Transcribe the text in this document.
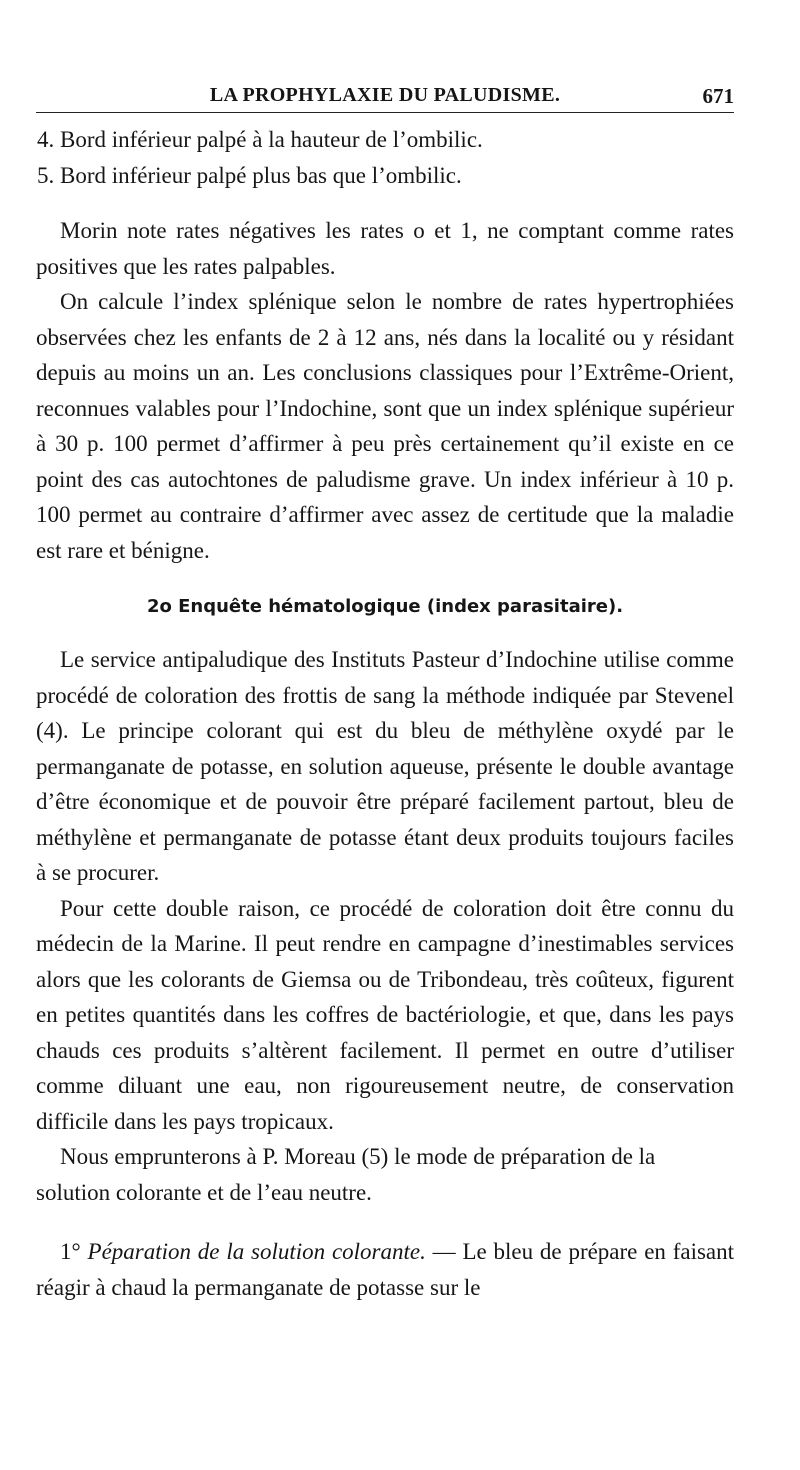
LA PROPHYLAXIE DU PALUDISME.	671

4. Bord inférieur palpé à la hauteur de l’ombilic.

5. Bord inférieur palpé plus bas que l’ombilic.

Morin note rates négatives les rates o et 1, ne comptant comme rates positives que les rates palpables.

On calcule l’index splénique selon le nombre de rates hypertrophiées observées chez les enfants de 2 à 12 ans, nés dans la localité ou y résidant depuis au moins un an. Les conclusions classiques pour l’Extrême-Orient, reconnues valables pour l’Indochine, sont que un index splénique supérieur à 30 p. 100 permet d’affirmer à peu près certainement qu’il existe en ce point des cas autochtones de paludisme grave. Un index inférieur à 10 p. 100 permet au contraire d’affirmer avec assez de certitude que la maladie est rare et bénigne.

2o Enquête hématologique (index parasitaire).

Le service antipaludique des Instituts Pasteur d’Indochine utilise comme procédé de coloration des frottis de sang la méthode indiquée par Stevenel (4). Le principe colorant qui est du bleu de méthylène oxydé par le permanganate de potasse, en solution aqueuse, présente le double avantage d’être économique et de pouvoir être préparé facilement partout, bleu de méthylène et permanganate de potasse étant deux produits toujours faciles à se procurer.

Pour cette double raison, ce procédé de coloration doit être connu du médecin de la Marine. Il peut rendre en campagne d’inestimables services alors que les colorants de Giemsa ou de Tribondeau, très coûteux, figurent en petites quantités dans les coffres de bactériologie, et que, dans les pays chauds ces produits s’altèrent facilement. Il permet en outre d’utiliser comme diluant une eau, non rigoureusement neutre, de conservation difficile dans les pays tropicaux.

Nous emprunterons à P. Moreau (5) le mode de préparation de la solution colorante et de l’eau neutre.

1° Péparation de la solution colorante. — Le bleu de prépare en faisant réagir à chaud la permanganate de potasse sur le
